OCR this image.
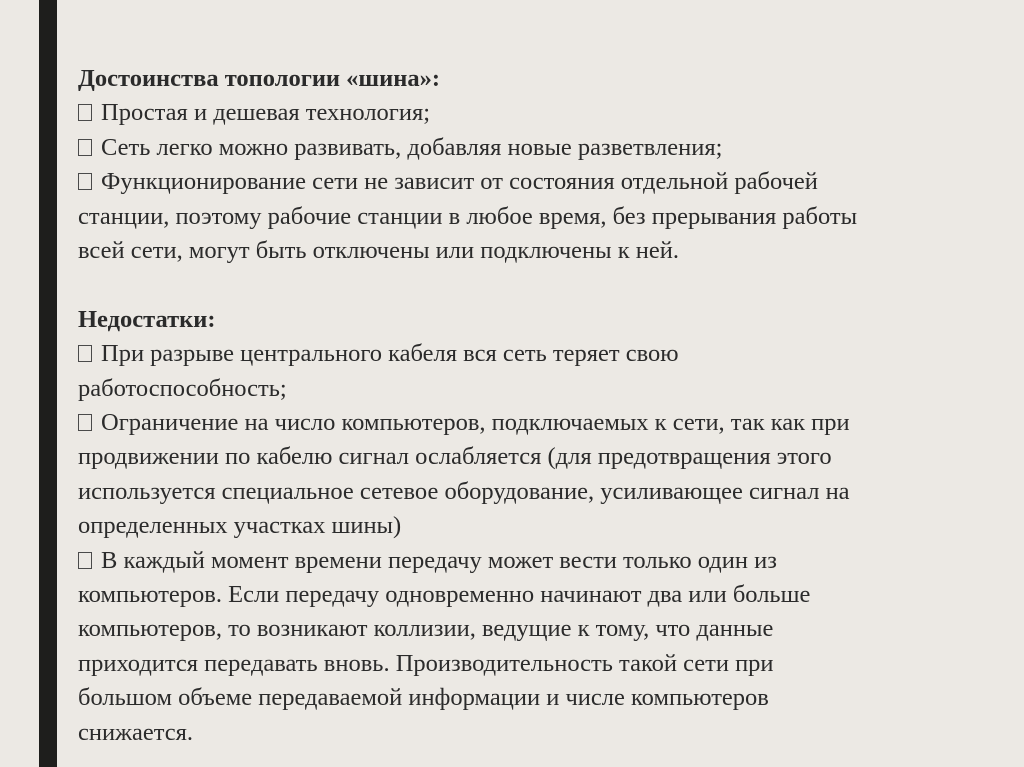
Достоинства топологии «шина»:
Простая и дешевая технология;
Сеть легко можно развивать, добавляя новые разветвления;
Функционирование сети не зависит от состояния отдельной рабочей
станции, поэтому рабочие станции в любое время, без прерывания работы
всей сети, могут быть отключены или подключены к ней.
Недостатки:
При разрыве центрального кабеля вся сеть теряет свою
работоспособность;
Ограничение на число компьютеров, подключаемых к сети, так как при
продвижении по кабелю сигнал ослабляется (для предотвращения этого
используется специальное сетевое оборудование, усиливающее сигнал на
определенных участках шины)
В каждый момент времени передачу может вести только один из
компьютеров. Если передачу одновременно начинают два или больше
компьютеров, то возникают коллизии, ведущие к тому, что данные
приходится передавать вновь. Производительность такой сети при
большом объеме передаваемой информации и числе компьютеров
снижается.
